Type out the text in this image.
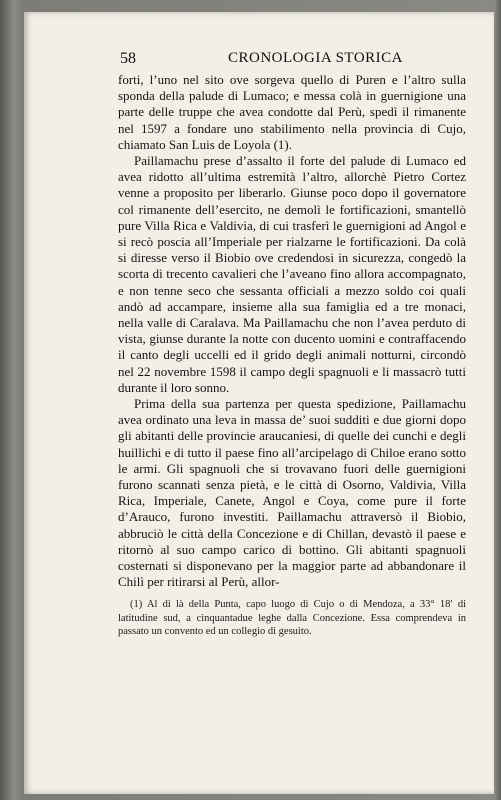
58	CRONOLOGIA STORICA

forti, l’uno nel sito ove sorgeva quello di Puren e l’altro sulla sponda della palude di Lumaco; e messa colà in guernigione una parte delle truppe che avea condotte dal Perù, spedì il rimanente nel 1597 a fondare uno stabilimento nella provincia di Cujo, chiamato San Luis de Loyola (1).

Paillamachu prese d’assalto il forte del palude di Lumaco ed avea ridotto all’ultima estremità l’altro, allorchè Pietro Cortez venne a proposito per liberarlo. Giunse poco dopo il governatore col rimanente dell’esercito, ne demolì le fortificazioni, smantellò pure Villa Rica e Valdivia, di cui trasferì le guernigioni ad Angol e si recò poscia all’Imperiale per rialzarne le fortificazioni. Da colà si diresse verso il Biobio ove credendosi in sicurezza, congedò la scorta di trecento cavalieri che l’aveano fino allora accompagnato, e non tenne seco che sessanta officiali a mezzo soldo coi quali andò ad accampare, insieme alla sua famiglia ed a tre monaci, nella valle di Caralava. Ma Paillamachu che non l’avea perduto di vista, giunse durante la notte con ducento uomini e contraffacendo il canto degli uccelli ed il grido degli animali notturni, circondò nel 22 novembre 1598 il campo degli spagnuoli e li massacrò tutti durante il loro sonno.

Prima della sua partenza per questa spedizione, Paillamachu avea ordinato una leva in massa de’ suoi sudditi e due giorni dopo gli abitanti delle provincie araucaniesi, di quelle dei cunchi e degli huillichi e di tutto il paese fino all’arcipelago di Chiloe erano sotto le armi. Gli spagnuoli che si trovavano fuori delle guernigioni furono scannati senza pietà, e le città di Osorno, Valdivia, Villa Rica, Imperiale, Canete, Angol e Coya, come pure il forte d’Arauco, furono investiti. Paillamachu attraversò il Biobio, abbruciò le città della Concezione e di Chillan, devastò il paese e ritornò al suo campo carico di bottino. Gli abitanti spagnuoli costernati si disponevano per la maggior parte ad abbandonare il Chilì per ritirarsi al Perù, allor-

(1) Al di là della Punta, capo luogo di Cujo o di Mendoza, a 33° 18′ di latitudine sud, a cinquantadue leghe dalla Concezione. Essa comprendeva in passato un convento ed un collegio di gesuito.
